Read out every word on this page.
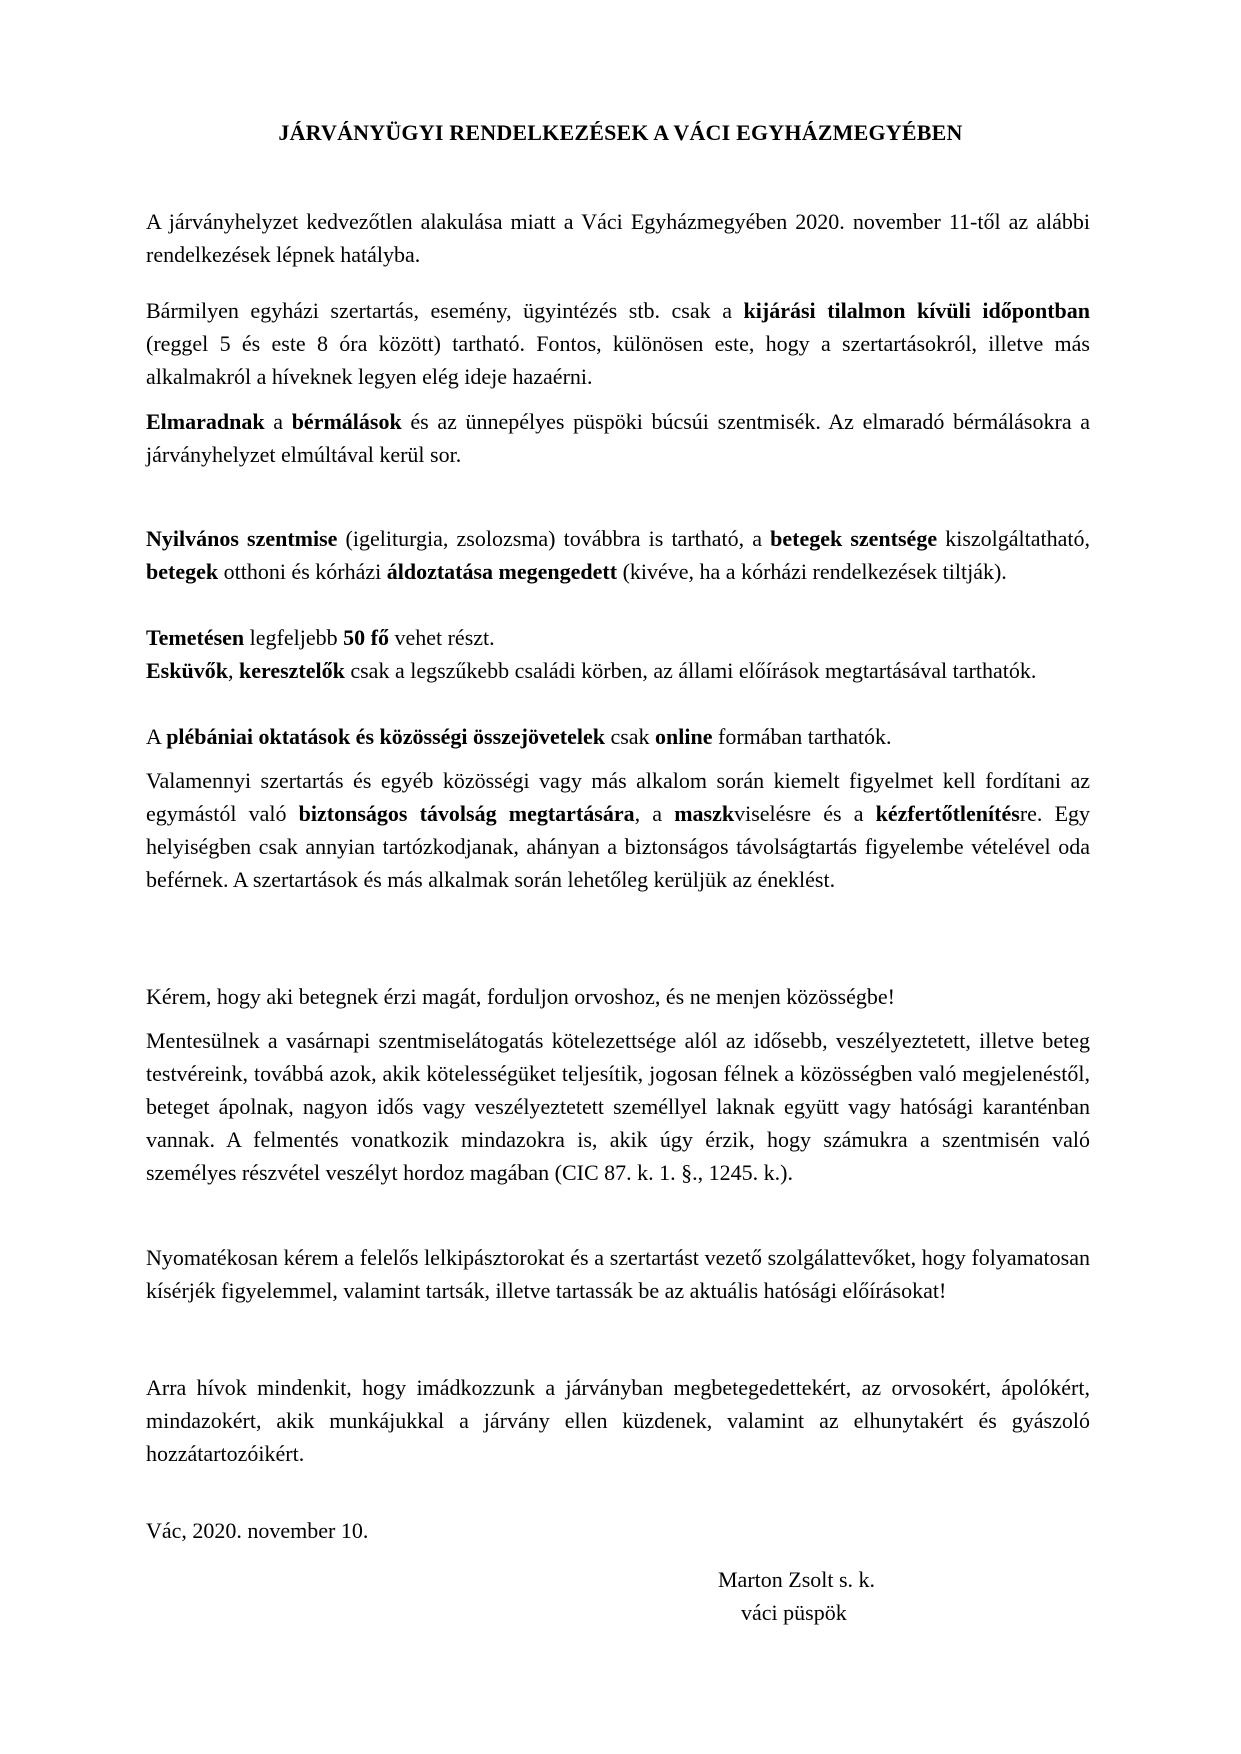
JÁRVÁNYÜGYI RENDELKEZÉSEK A VÁCI EGYHÁZMEGYÉBEN

A járványhelyzet kedvezőtlen alakulása miatt a Váci Egyházmegyében 2020. november 11-től az alábbi rendelkezések lépnek hatályba.

Bármilyen egyházi szertartás, esemény, ügyintézés stb. csak a kijárási tilalmon kívüli időpontban (reggel 5 és este 8 óra között) tartható. Fontos, különösen este, hogy a szertartásokról, illetve más alkalmakról a híveknek legyen elég ideje hazaérni.

Elmaradnak a bérmálások és az ünnepélyes püspöki búcsúi szentmisék. Az elmaradó bérmálásokra a járványhelyzet elmúltával kerül sor.

Nyilvános szentmise (igeliturgia, zsolozsma) továbbra is tartható, a betegek szentsége kiszolgáltatható, betegek otthoni és kórházi áldoztatása megengedett (kivéve, ha a kórházi rendelkezések tiltják).

Temetésen legfeljebb 50 fő vehet részt.

Esküvők, keresztelők csak a legszűkebb családi körben, az állami előírások megtartásával tarthatók.

A plébániai oktatások és közösségi összejövetelek csak online formában tarthatók.

Valamennyi szertartás és egyéb közösségi vagy más alkalom során kiemelt figyelmet kell fordítani az egymástól való biztonságos távolság megtartására, a maszkviselésre és a kézfertőtlenítésre. Egy helyiségben csak annyian tartózkodjanak, ahányan a biztonságos távolságtartás figyelembe vételével oda beférnek. A szertartások és más alkalmak során lehetőleg kerüljük az éneklést.

Kérem, hogy aki betegnek érzi magát, forduljon orvoshoz, és ne menjen közösségbe!

Mentesülnek a vasárnapi szentmiselátogatás kötelezettsége alól az idősebb, veszélyeztetett, illetve beteg testvéreink, továbbá azok, akik kötelességüket teljesítik, jogosan félnek a közösségben való megjelenéstől, beteget ápolnak, nagyon idős vagy veszélyeztetett személlyel laknak együtt vagy hatósági karanténban vannak. A felmentés vonatkozik mindazokra is, akik úgy érzik, hogy számukra a szentmisén való személyes részvétel veszélyt hordoz magában (CIC 87. k. 1. §., 1245. k.).

Nyomatékosan kérem a felelős lelkipásztorokat és a szertartást vezető szolgálattevőket, hogy folyamatosan kísérjék figyelemmel, valamint tartsák, illetve tartassák be az aktuális hatósági előírásokat!

Arra hívok mindenkit, hogy imádkozzunk a járványban megbetegedettekért, az orvosokért, ápolókért, mindazokért, akik munkájukkal a járvány ellen küzdenek, valamint az elhunytakért és gyászoló hozzátartozóikért.

Vác, 2020. november 10.
Marton Zsolt s. k.
váci püspök
